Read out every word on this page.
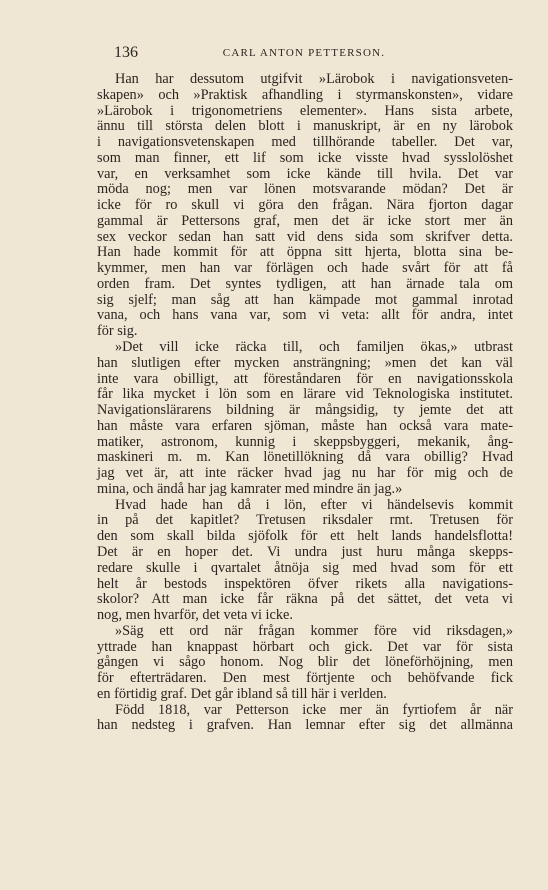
136	CARL ANTON PETTERSON.
Han har dessutom utgifvit »Lärobok i navigationsveten-
skapen» och »Praktisk afhandling i styrmanskonsten», vidare
»Lärobok i trigonometriens elementer». Hans sista arbete,
ännu till största delen blott i manuskript, är en ny lärobok
i navigationsvetenskapen med tillhörande tabeller. Det var,
som man finner, ett lif som icke visste hvad sysslolöshet
var, en verksamhet som icke kände till hvila. Det var
möda nog; men var lönen motsvarande mödan? Det är
icke för ro skull vi göra den frågan. Nära fjorton dagar
gammal är Pettersons graf, men det är icke stort mer än
sex veckor sedan han satt vid dens sida som skrifver detta.
Han hade kommit för att öppna sitt hjerta, blotta sina be-
kymmer, men han var förlägen och hade svårt för att få
orden fram. Det syntes tydligen, att han ärnade tala om
sig sjelf; man såg att han kämpade mot gammal inrotad
vana, och hans vana var, som vi veta: allt för andra, intet
för sig.
»Det vill icke räcka till, och familjen ökas,» utbrast
han slutligen efter mycken ansträngning; »men det kan väl
inte vara obilligt, att föreståndaren för en navigationsskola
får lika mycket i lön som en lärare vid Teknologiska institutet.
Navigationslärarens bildning är mångsidig, ty jemte det att
han måste vara erfaren sjöman, måste han också vara mate-
matiker, astronom, kunnig i skeppsbyggeri, mekanik, ång-
maskineri m. m. Kan lönetillökning då vara obillig? Hvad
jag vet är, att inte räcker hvad jag nu har för mig och de
mina, och ändå har jag kamrater med mindre än jag.»
Hvad hade han då i lön, efter vi händelsevis kommit
in på det kapitlet? Tretusen riksdaler rmt. Tretusen för
den som skall bilda sjöfolk för ett helt lands handelsflotta!
Det är en hoper det. Vi undra just huru många skepps-
redare skulle i qvartalet åtnöja sig med hvad som för ett
helt år bestods inspektören öfver rikets alla navigations-
skolor? Att man icke får räkna på det sättet, det veta vi
nog, men hvarför, det veta vi icke.
»Säg ett ord när frågan kommer före vid riksdagen,»
yttrade han knappast hörbart och gick. Det var för sista
gången vi sågo honom. Nog blir det löneförhöjning, men
för efterträdaren. Den mest förtjente och behöfvande fick
en förtidig graf. Det går ibland så till här i verlden.
Född 1818, var Petterson icke mer än fyrtiofem år när
han nedsteg i grafven. Han lemnar efter sig det allmänna
